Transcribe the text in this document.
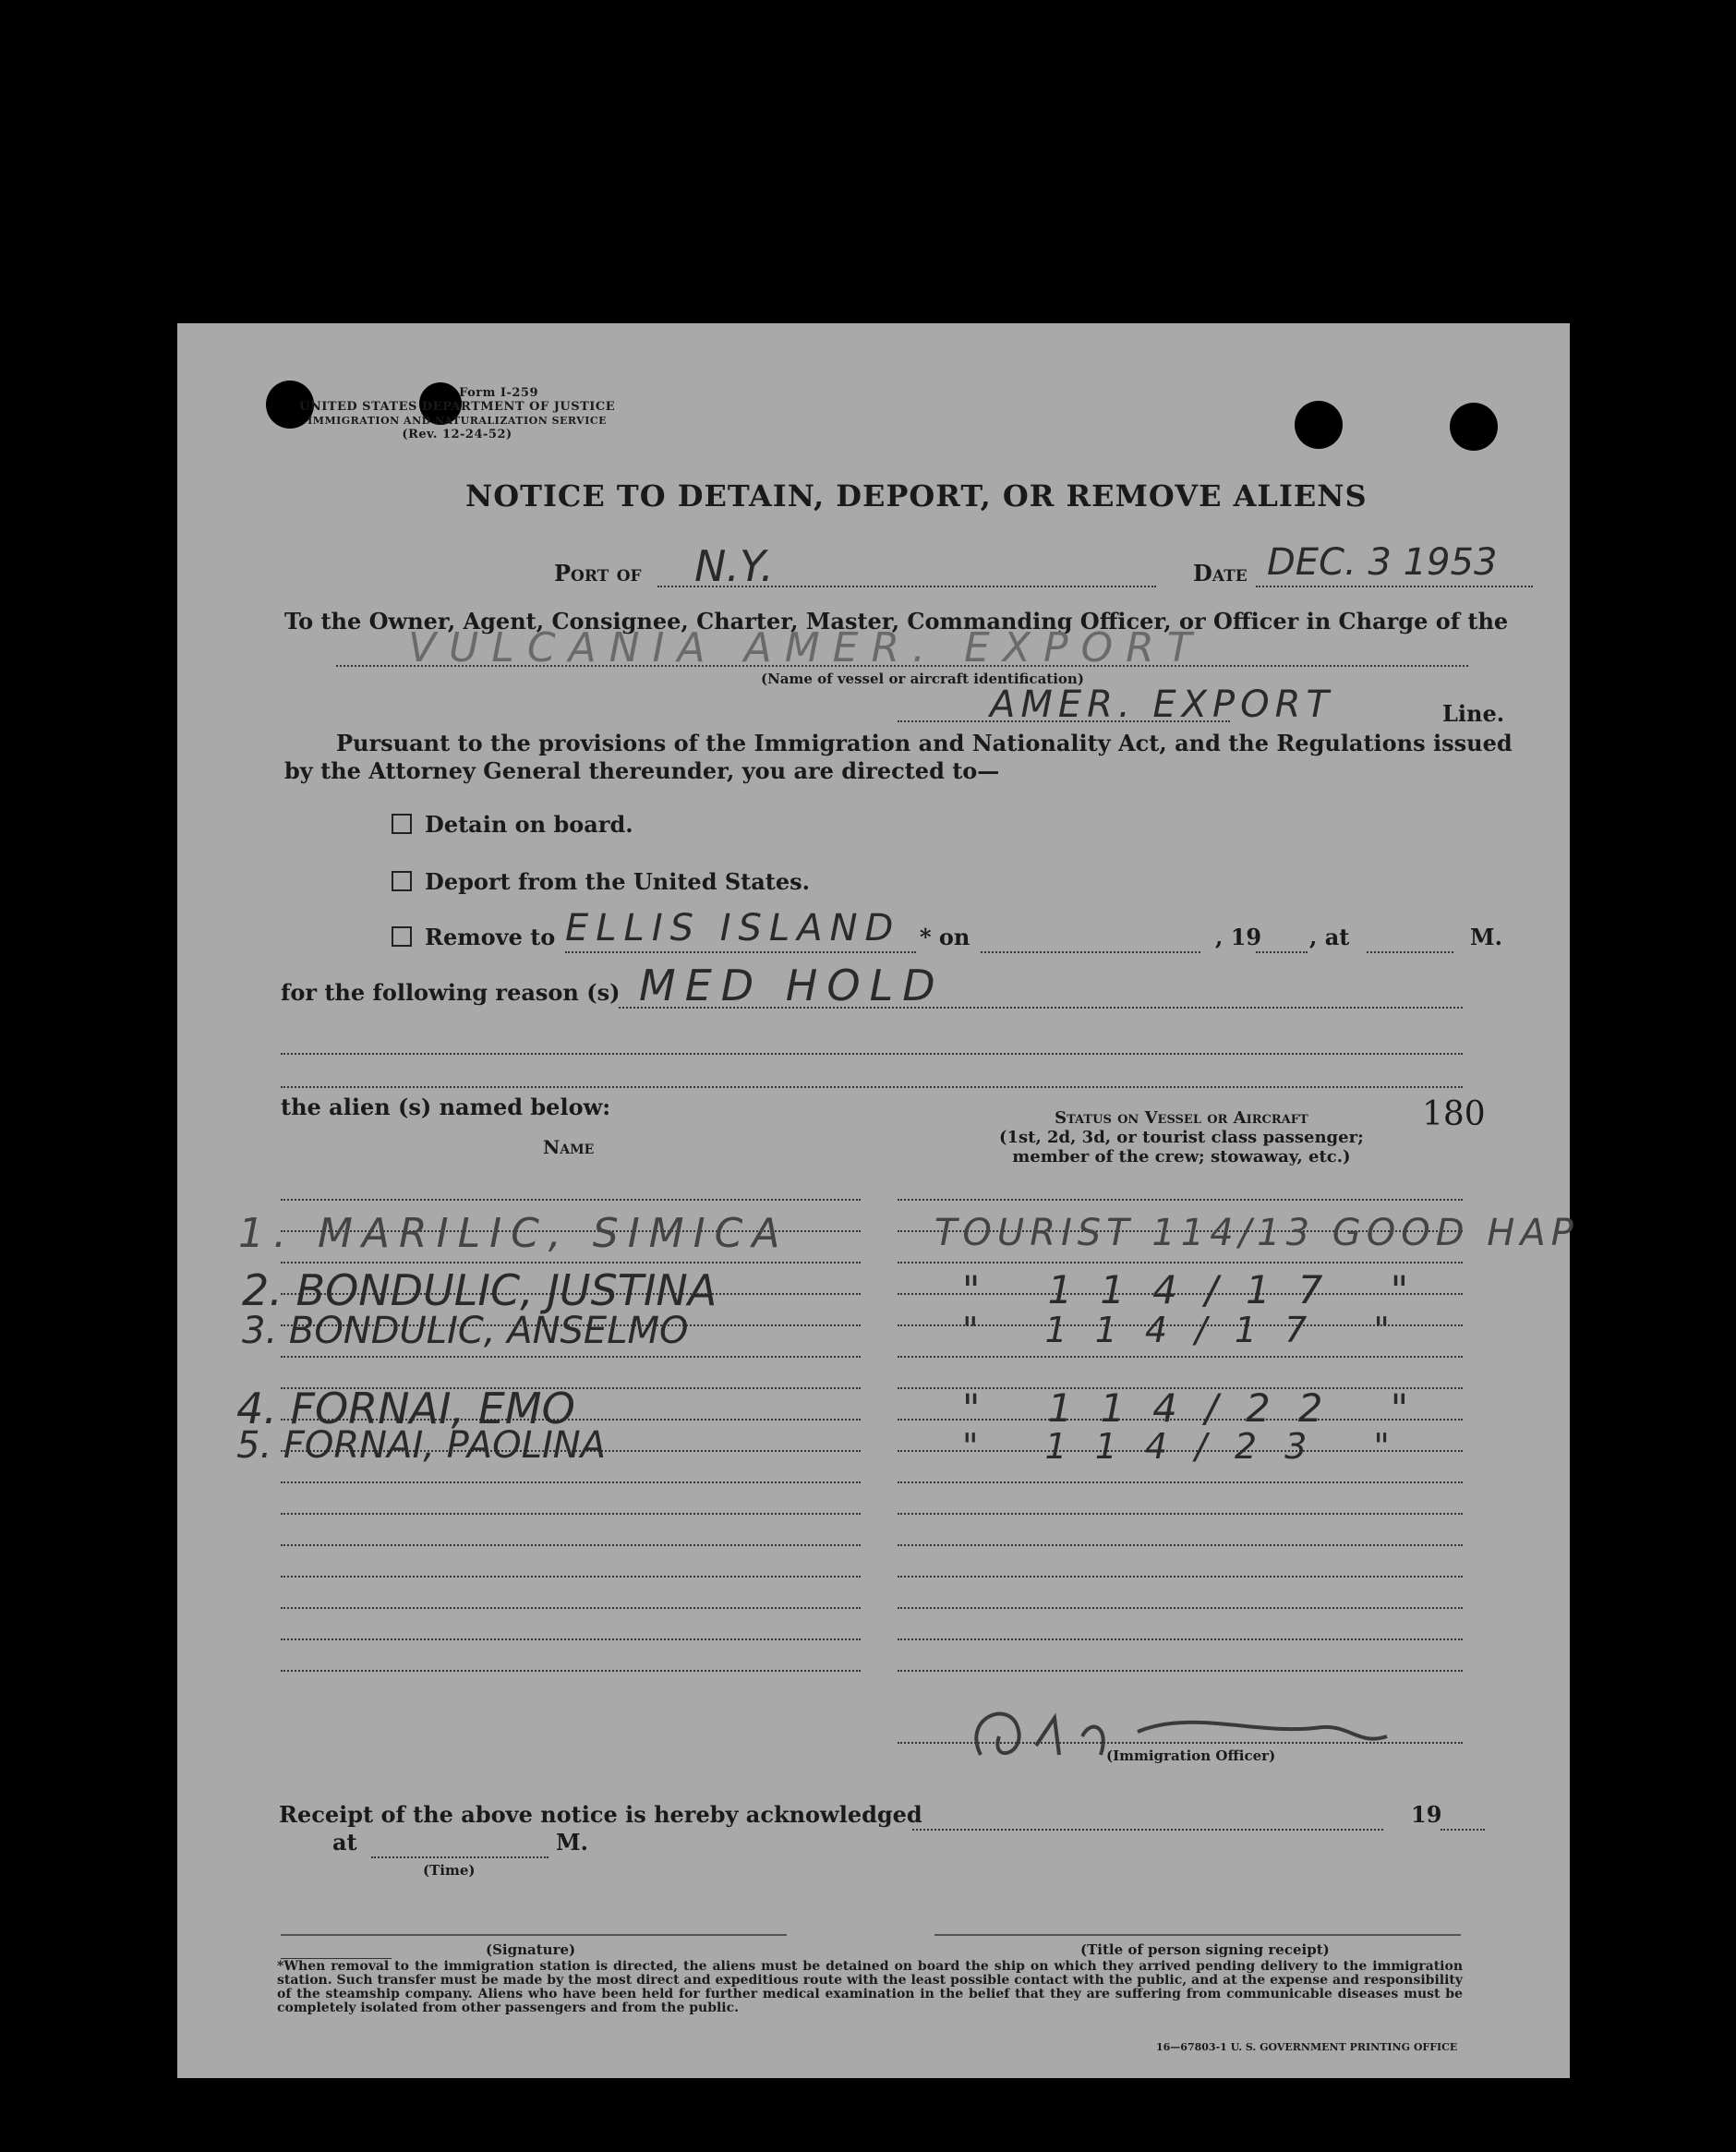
Form I-259
UNITED STATES DEPARTMENT OF JUSTICE
IMMIGRATION AND NATURALIZATION SERVICE
(Rev. 12-24-52)
NOTICE TO DETAIN, DEPORT, OR REMOVE ALIENS
Port of N.Y.	Date DEC. 3 1953
To the Owner, Agent, Consignee, Charter, Master, Commanding Officer, or Officer in Charge of the
VULCANIA AMER. EXPORT
(Name of vessel or aircraft identification)
AMER. EXPORT	Line.
Pursuant to the provisions of the Immigration and Nationality Act, and the Regulations issued
by the Attorney General thereunder, you are directed to—
Detain on board.
Deport from the United States.
Remove to ELLIS ISLAND * on	, 19 , at	M.
for the following reason (s) MED HOLD
the alien (s) named below:
Name
Status on Vessel or Aircraft
(1st, 2d, 3d, or tourist class passenger;
member of the crew; stowaway, etc.)
180
1. MARILIC, SIMICA	TOURIST 114/13 GOOD HAP
2. BONDULIC, JUSTINA	" 114/17 "
3. BONDULIC, ANSELMO	" 114/17 "
4. FORNAI, EMO	" 114/22 "
5. FORNAI, PAOLINA	" 114/23 "
(Immigration Officer)
Receipt of the above notice is hereby acknowledged	19
at	M.
(Time)
(Signature)	(Title of person signing receipt)
*When removal to the immigration station is directed, the aliens must be detained on board the ship on which they arrived pending delivery to the immigration station. Such transfer must be made by the most direct and expeditious route with the least possible contact with the public, and at the expense and responsibility of the steamship company. Aliens who have been held for further medical examination in the belief that they are suffering from communicable diseases must be completely isolated from other passengers and from the public.
16—67803-1 U. S. GOVERNMENT PRINTING OFFICE
